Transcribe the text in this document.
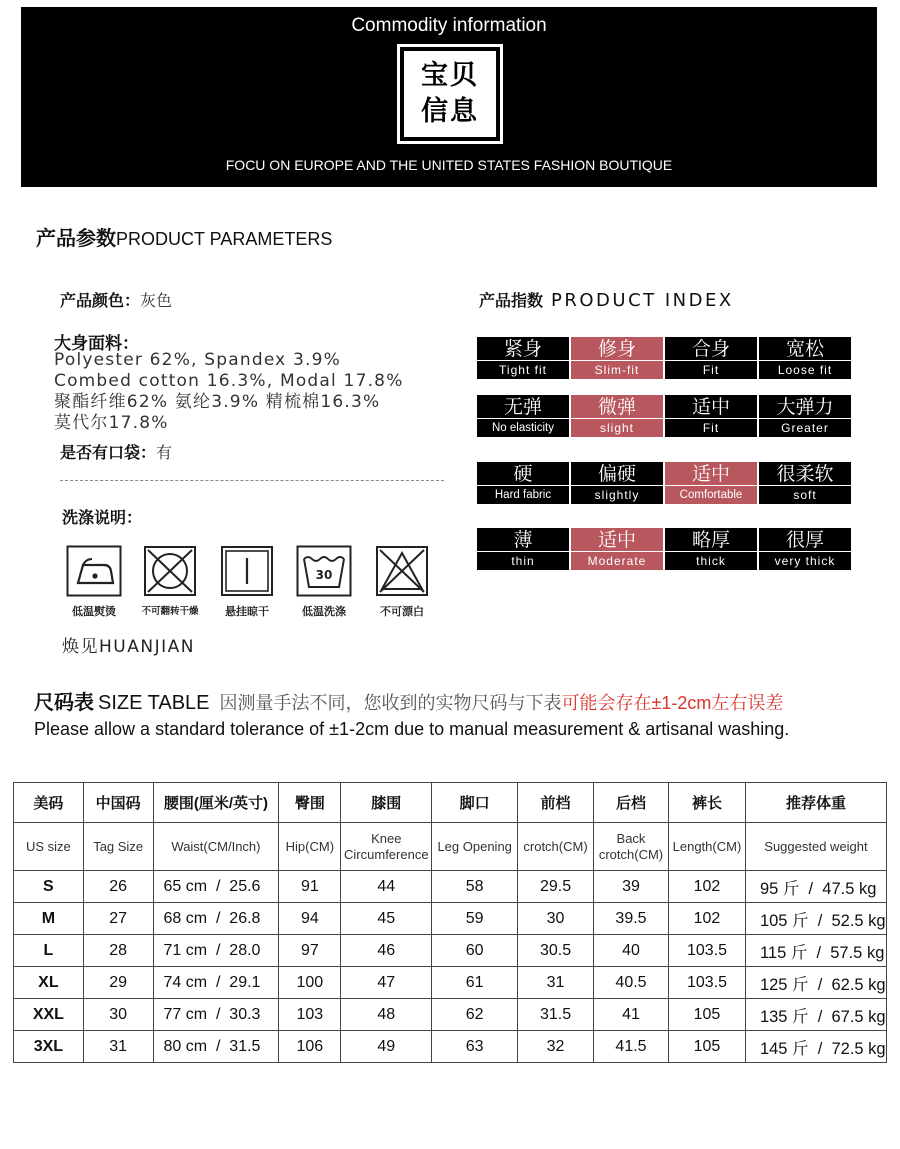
Commodity information
宝贝信息
FOCU ON EUROPE AND THE UNITED STATES FASHION BOUTIQUE
产品参数PRODUCT PARAMETERS
产品颜色：灰色
大身面料：
Polyester 62%, Spandex 3.9%
Combed cotton 16.3%, Modal 17.8%
聚酯纤维62% 氨纶3.9% 精梳棉16.3%
莫代尔17.8%
是否有口袋：有
洗涤说明：
低温熨烫	不可翻转干燥	悬挂晾干
30
低温洗涤	不可漂白
焕见HUANJIAN
产品指数 PRODUCT INDEX
紧身
Tight fit
修身
Slim-fit
合身
Fit
宽松
Loose fit
无弹
No elasticity
微弹
slight
适中
Fit
大弹力
Greater
硬
Hard fabric
偏硬
slightly
适中
Comfortable
很柔软
soft
薄
thin
适中
Moderate
略厚
thick
很厚
very thick
尺码表 SIZE TABLE 因测量手法不同，您收到的实物尺码与下表可能会存在±1-2cm左右误差
Please allow a standard tolerance of ±1-2cm due to manual measurement & artisanal washing.
美码	中国码	腰围(厘米/英寸)	臀围	膝围	脚口	前档	后档	裤长	推荐体重
US size	Tag Size	Waist(CM/Inch)	Hip(CM)	Knee Circumference	Leg Opening	crotch(CM)	Back crotch(CM)	Length(CM)	Suggested weight
S	26	65 cm  /  25.6	91	44	58	29.5	39	102	95 斤  /  47.5 kg
M	27	68 cm  /  26.8	94	45	59	30	39.5	102	105 斤  /  52.5 kg
L	28	71 cm  /  28.0	97	46	60	30.5	40	103.5	115 斤  /  57.5 kg
XL	29	74 cm  /  29.1	100	47	61	31	40.5	103.5	125 斤  /  62.5 kg
XXL	30	77 cm  /  30.3	103	48	62	31.5	41	105	135 斤  /  67.5 kg
3XL	31	80 cm  /  31.5	106	49	63	32	41.5	105	145 斤  /  72.5 kg
